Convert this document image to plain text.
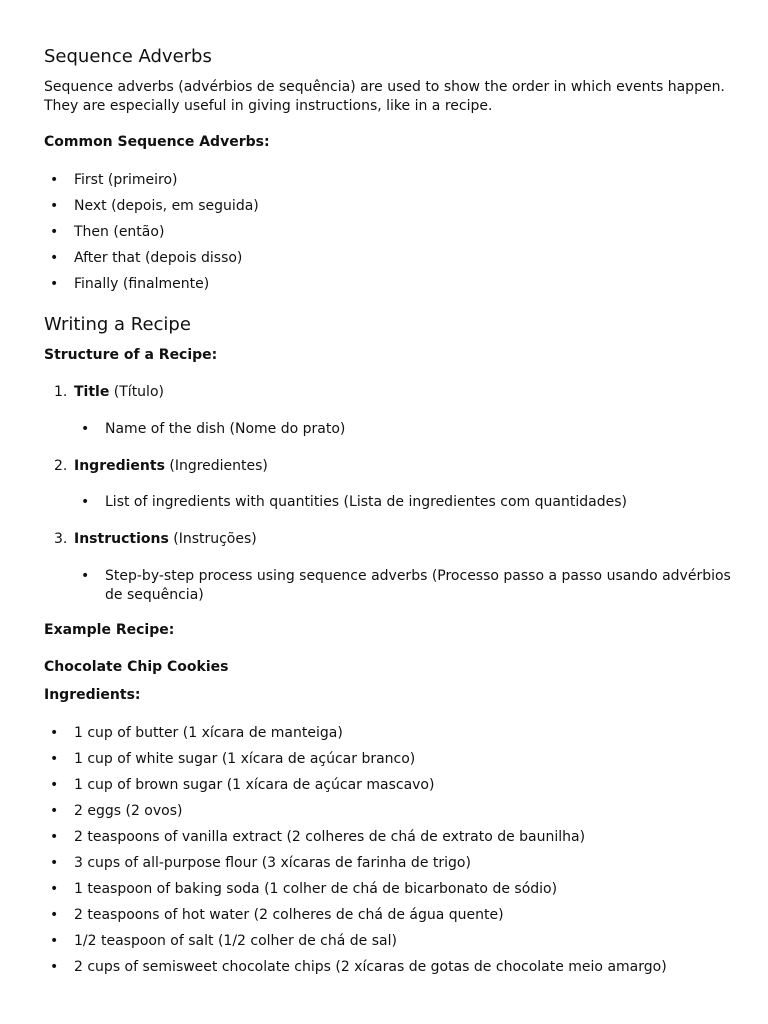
Sequence Adverbs

Sequence adverbs (advérbios de sequência) are used to show the order in which events happen. They are especially useful in giving instructions, like in a recipe.

Common Sequence Adverbs:

• First (primeiro)
• Next (depois, em seguida)
• Then (então)
• After that (depois disso)
• Finally (finalmente)
Writing a Recipe

Structure of a Recipe:

1. Title (Título)
• Name of the dish (Nome do prato)
2. Ingredients (Ingredientes)
• List of ingredients with quantities (Lista de ingredientes com quantidades)
3. Instructions (Instruções)
• Step-by-step process using sequence adverbs (Processo passo a passo usando advérbios de sequência)

Example Recipe:

Chocolate Chip Cookies

Ingredients:

• 1 cup of butter (1 xícara de manteiga)
• 1 cup of white sugar (1 xícara de açúcar branco)
• 1 cup of brown sugar (1 xícara de açúcar mascavo)
• 2 eggs (2 ovos)
• 2 teaspoons of vanilla extract (2 colheres de chá de extrato de baunilha)
• 3 cups of all-purpose flour (3 xícaras de farinha de trigo)
• 1 teaspoon of baking soda (1 colher de chá de bicarbonato de sódio)
• 2 teaspoons of hot water (2 colheres de chá de água quente)
• 1/2 teaspoon of salt (1/2 colher de chá de sal)
• 2 cups of semisweet chocolate chips (2 xícaras de gotas de chocolate meio amargo)
